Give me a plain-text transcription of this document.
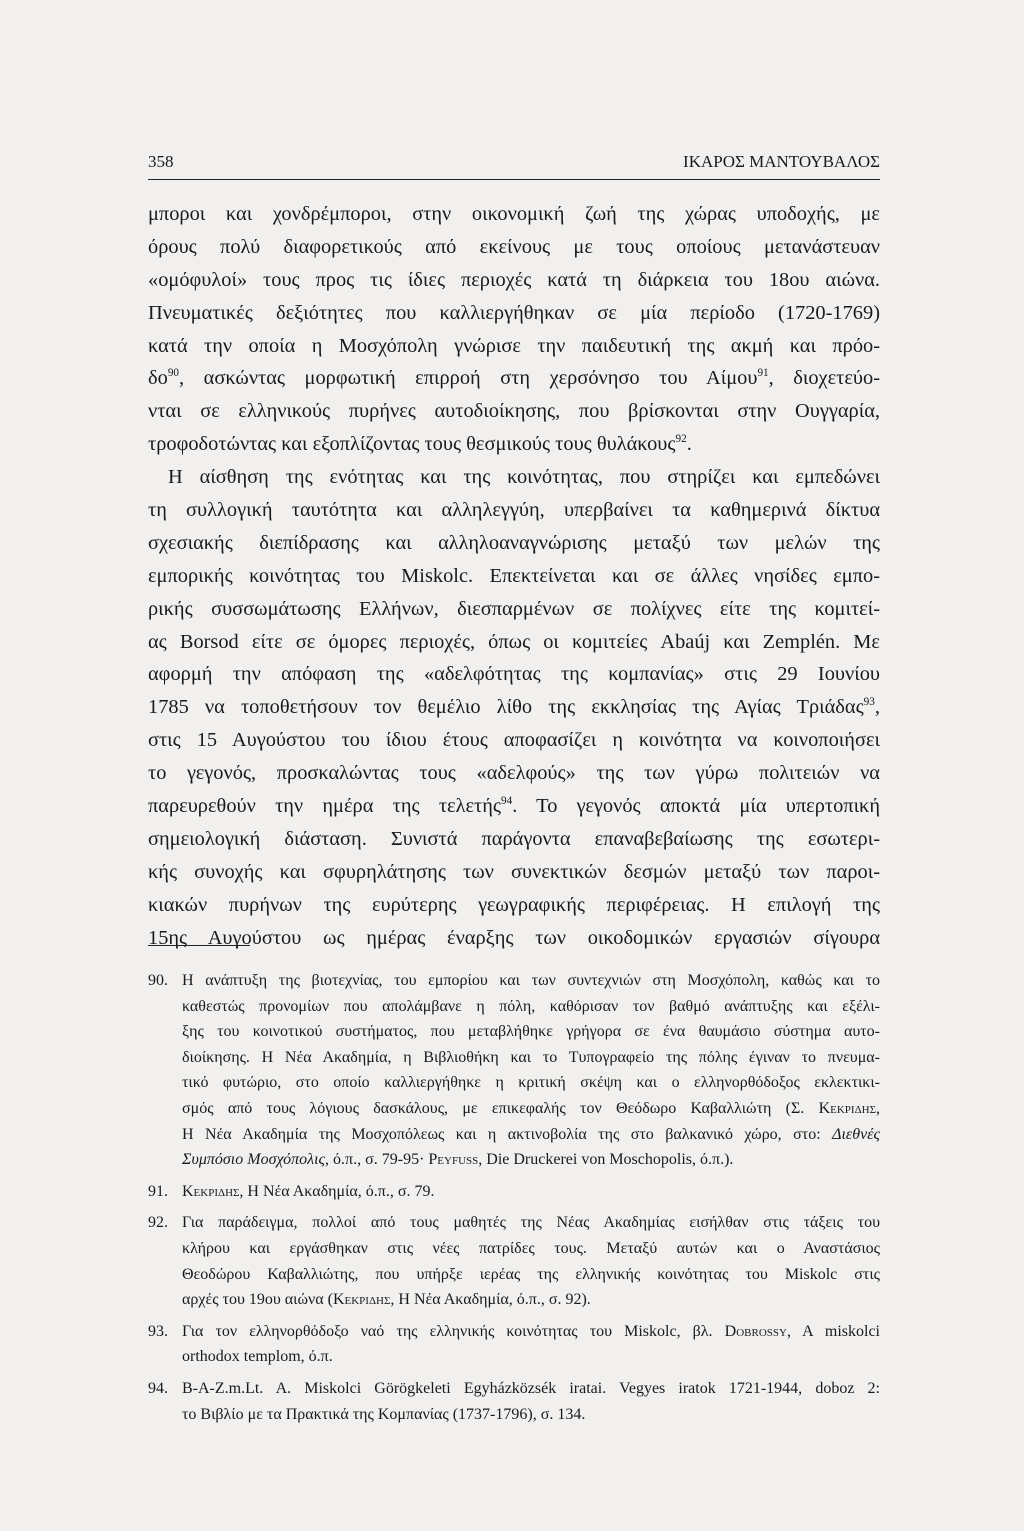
358	ΙΚΑΡΟΣ ΜΑΝΤΟΥΒΑΛΟΣ

μποροι και χονδρέμποροι, στην οικονομική ζωή της χώρας υποδοχής, με
όρους πολύ διαφορετικούς από εκείνους με τους οποίους μετανάστευαν
«ομόφυλοί» τους προς τις ίδιες περιοχές κατά τη διάρκεια του 18ου αιώνα.
Πνευματικές δεξιότητες που καλλιεργήθηκαν σε μία περίοδο (1720-1769)
κατά την οποία η Μοσχόπολη γνώρισε την παιδευτική της ακμή και πρόο-
$\delta o^{90}$, ασκώντας μορφωτική επιρροή στη χερσόνησο του Αίμου$^{91}$, διοχετεύο-
νται σε ελληνικούς πυρήνες αυτοδιοίκησης, που βρίσκονται στην Ουγγαρία,
τροφοδοτώντας και εξοπλίζοντας τους θεσμικούς τους θυλάκους$^{92}$.

Η αίσθηση της ενότητας και της κοινότητας, που στηρίζει και εμπεδώνει
τη συλλογική ταυτότητα και αλληλεγγύη, υπερβαίνει τα καθημερινά δίκτυα
σχεσιακής διεπίδρασης και αλληλοαναγνώρισης μεταξύ των μελών της
εμπορικής κοινότητας του Miskolc. Επεκτείνεται και σε άλλες νησίδες εμπο-
ρικής συσσωμάτωσης Ελλήνων, διεσπαρμένων σε πολίχνες είτε της κομιτεί-
ας Borsod είτε σε όμορες περιοχές, όπως οι κομιτείες Abaúj και Zemplén. Με
αφορμή την απόφαση της «αδελφότητας της κομπανίας» στις 29 Ιουνίου
1785 να τοποθετήσουν τον θεμέλιο λίθο της εκκλησίας της Αγίας Τριάδας$^{93}$,
στις 15 Αυγούστου του ίδιου έτους αποφασίζει η κοινότητα να κοινοποιήσει
το γεγονός, προσκαλώντας τους «αδελφούς» της των γύρω πολιτειών να
παρευρεθούν την ημέρα της τελετής$^{94}$. Το γεγονός αποκτά μία υπερτοπική
σημειολογική διάσταση. Συνιστά παράγοντα επαναβεβαίωσης της εσωτερι-
κής συνοχής και σφυρηλάτησης των συνεκτικών δεσμών μεταξύ των παροι-
κιακών πυρήνων της ευρύτερης γεωγραφικής περιφέρειας. Η επιλογή της
15ης Αυγούστου ως ημέρας έναρξης των οικοδομικών εργασιών σίγουρα

90. Η ανάπτυξη της βιοτεχνίας, του εμπορίου και των συντεχνιών στη Μοσχόπολη, καθώς και το
καθεστώς προνομίων που απολάμβανε η πόλη, καθόρισαν τον βαθμό ανάπτυξης και εξέλι-
ξης του κοινοτικού συστήματος, που μεταβλήθηκε γρήγορα σε ένα θαυμάσιο σύστημα αυτο-
διοίκησης. Η Νέα Ακαδημία, η Βιβλιοθήκη και το Τυπογραφείο της πόλης έγιναν το πνευμα-
τικό φυτώριο, στο οποίο καλλιεργήθηκε η κριτική σκέψη και ο ελληνορθόδοξος εκλεκτικι-
σμός από τους λόγιους δασκάλους, με επικεφαλής τον Θεόδωρο Καβαλλιώτη (Σ. Κεκριδης,
Η Νέα Ακαδημία της Μοσχοπόλεως και η ακτινοβολία της στο βαλκανικό χώρο, στο: Διεθνές
Συμπόσιο Μοσχόπολις, ό.π., σ. 79-95· Peyfuss, Die Druckerei von Moschopolis, ό.π.).
91. Κεκριδης, Η Νέα Ακαδημία, ό.π., σ. 79.
92. Για παράδειγμα, πολλοί από τους μαθητές της Νέας Ακαδημίας εισήλθαν στις τάξεις του
κλήρου και εργάσθηκαν στις νέες πατρίδες τους. Μεταξύ αυτών και ο Αναστάσιος
Θεοδώρου Καβαλλιώτης, που υπήρξε ιερέας της ελληνικής κοινότητας του Miskolc στις
αρχές του 19ου αιώνα (Κεκριδης, Η Νέα Ακαδημία, ό.π., σ. 92).
93. Για τον ελληνορθόδοξο ναό της ελληνικής κοινότητας του Miskolc, βλ. Dobrossy, A miskolci
orthodox templom, ό.π.
94. B-A-Z.m.Lt. A. Miskolci Görögkeleti Egyházközsék iratai. Vegyes iratok 1721-1944, doboz 2:
το Βιβλίο με τα Πρακτικά της Κομπανίας (1737-1796), σ. 134.
